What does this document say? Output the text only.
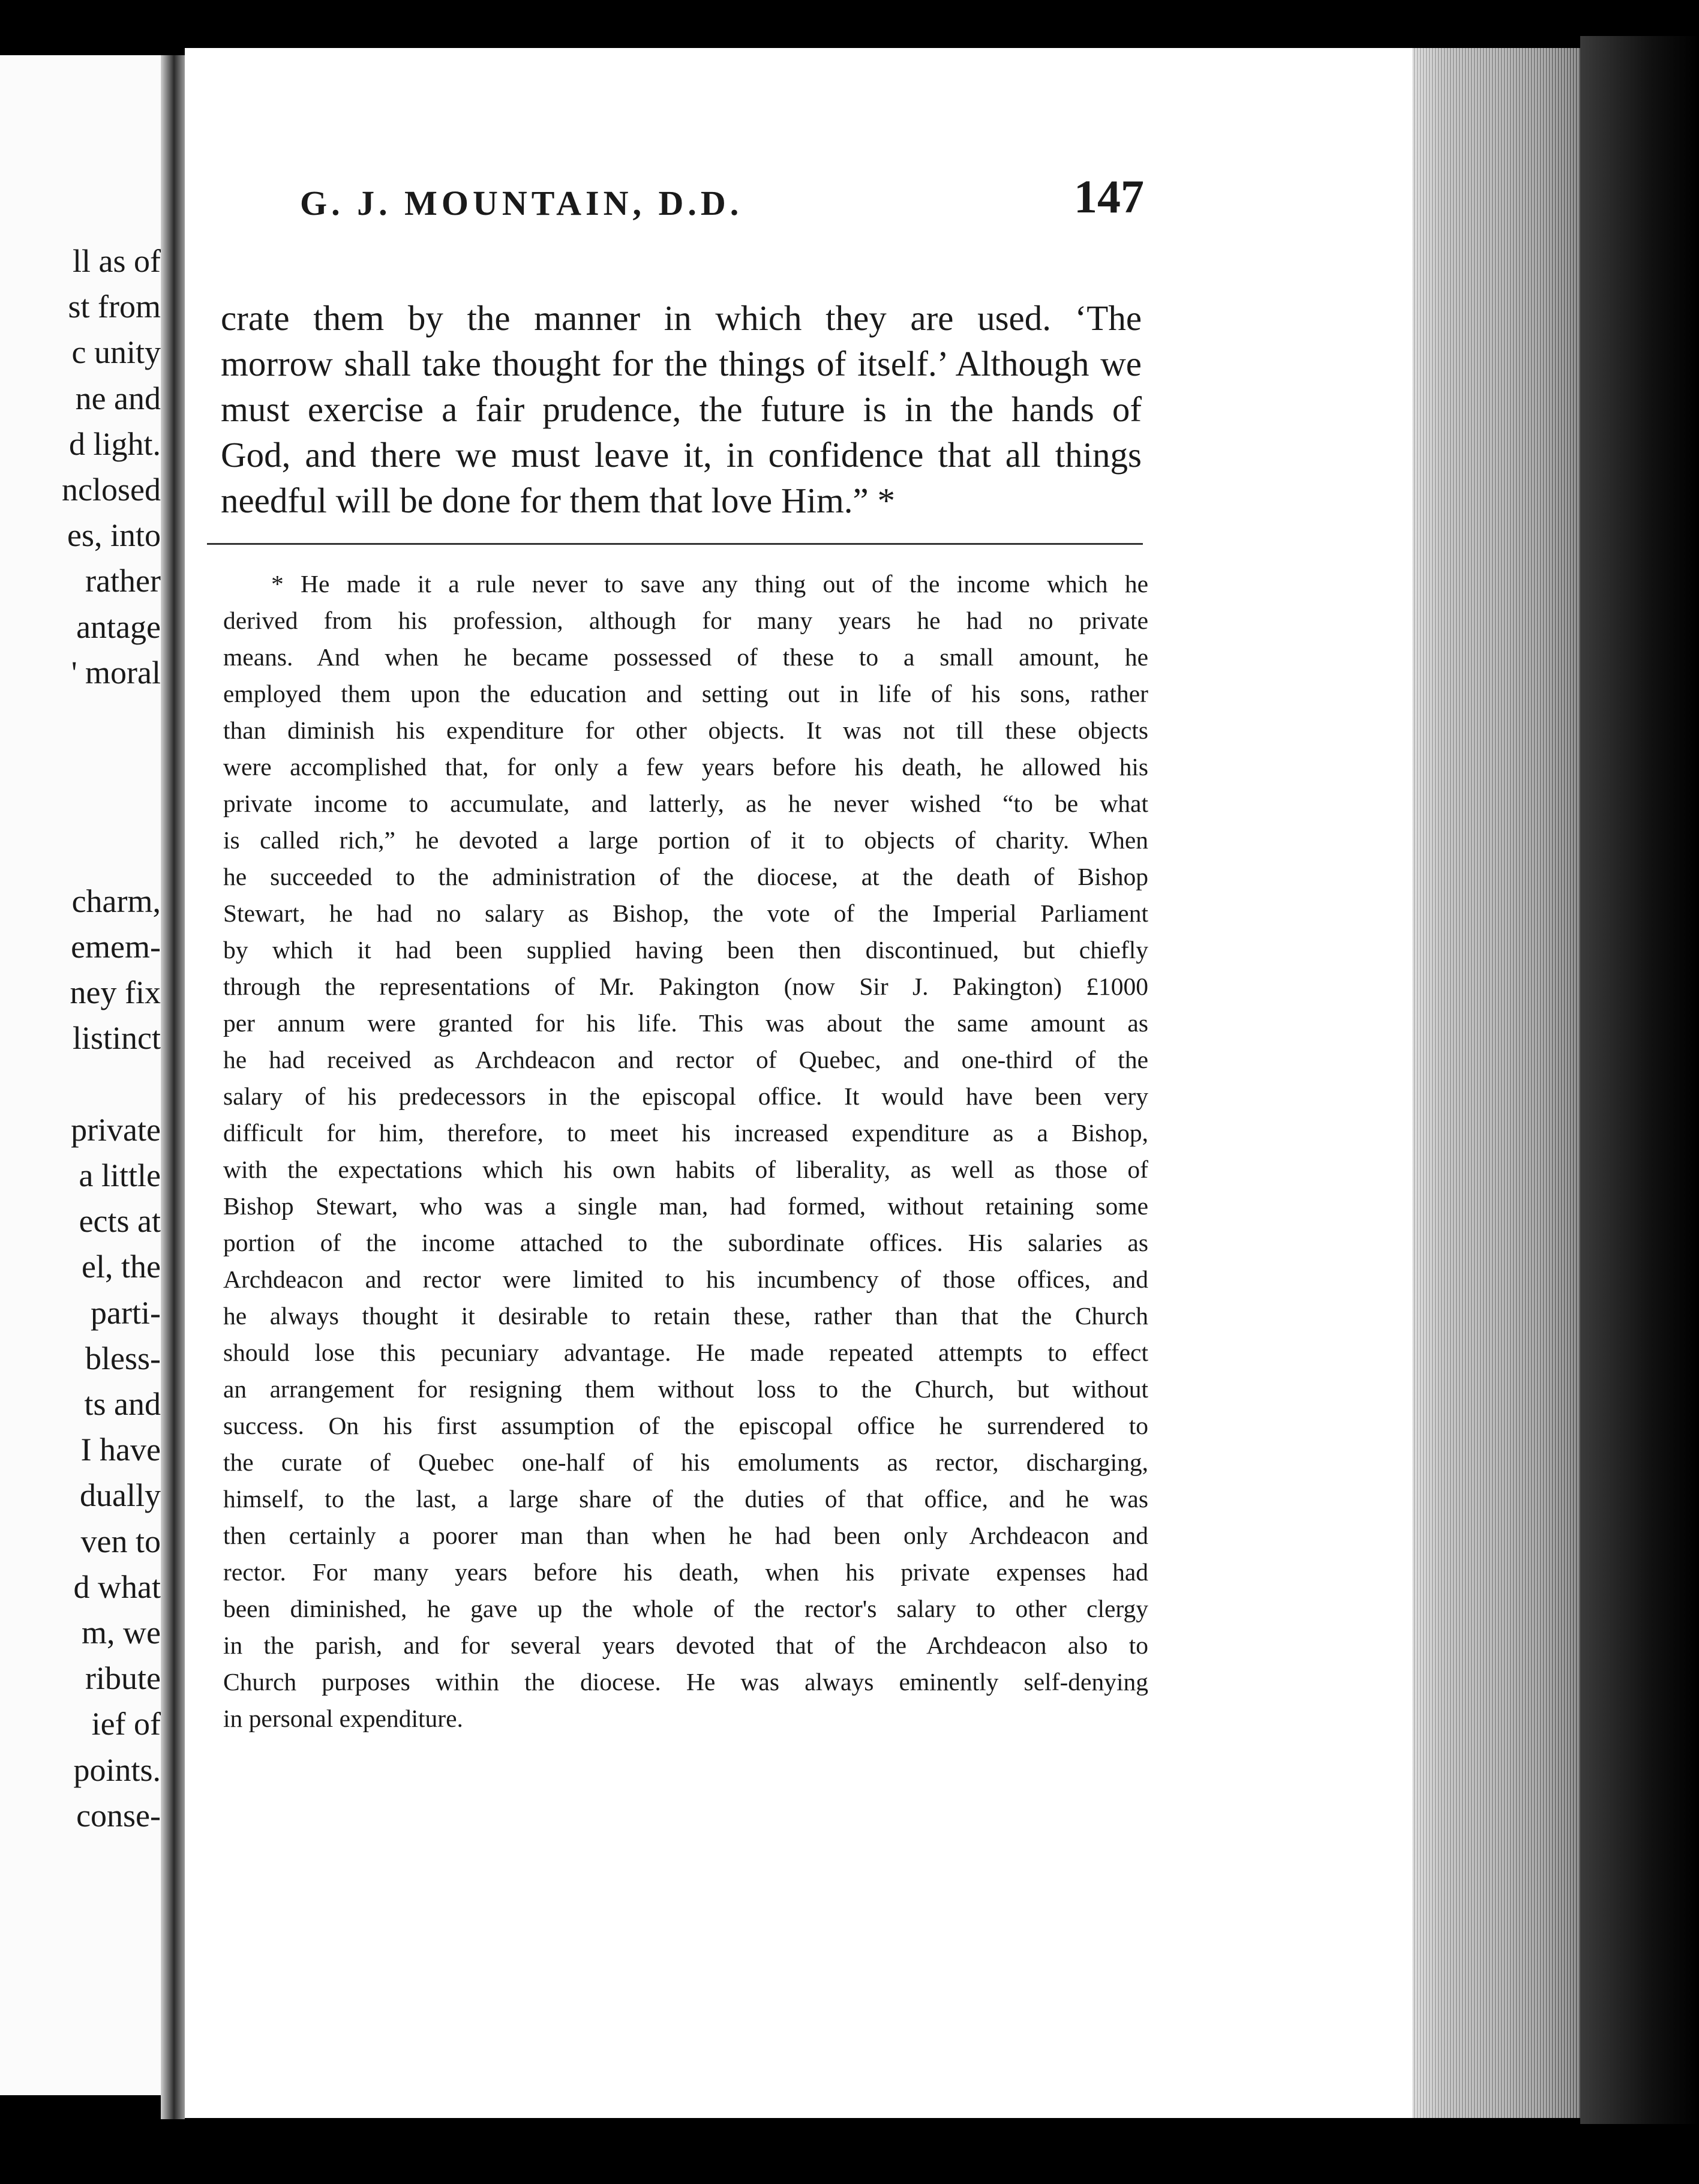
ll as of
st from
c unity
ne and
d light.
nclosed
es, into
rather
antage
' moral
charm,
emem-
ney fix
listinct
private
a little
ects at
el, the
parti-
bless-
ts and
I have
dually
ven to
d what
m, we
ribute
ief of
points.
conse-
G. J. MOUNTAIN, D.D.	147
crate them by the manner in which they are used. ‘The
morrow shall take thought for the things of itself.’ Although we
must exercise a fair prudence, the future is in the hands of
God, and there we must leave it, in confidence that all things
needful will be done for them that love Him.” *
* He made it a rule never to save any thing out of the income which he
derived from his profession, although for many years he had no private
means. And when he became possessed of these to a small amount, he
employed them upon the education and setting out in life of his sons, rather
than diminish his expenditure for other objects. It was not till these objects
were accomplished that, for only a few years before his death, he allowed his
private income to accumulate, and latterly, as he never wished “to be what
is called rich,” he devoted a large portion of it to objects of charity. When
he succeeded to the administration of the diocese, at the death of Bishop
Stewart, he had no salary as Bishop, the vote of the Imperial Parliament
by which it had been supplied having been then discontinued, but chiefly
through the representations of Mr. Pakington (now Sir J. Pakington) £1000
per annum were granted for his life. This was about the same amount as
he had received as Archdeacon and rector of Quebec, and one-third of the
salary of his predecessors in the episcopal office. It would have been very
difficult for him, therefore, to meet his increased expenditure as a Bishop,
with the expectations which his own habits of liberality, as well as those of
Bishop Stewart, who was a single man, had formed, without retaining some
portion of the income attached to the subordinate offices. His salaries as
Archdeacon and rector were limited to his incumbency of those offices, and
he always thought it desirable to retain these, rather than that the Church
should lose this pecuniary advantage. He made repeated attempts to effect
an arrangement for resigning them without loss to the Church, but without
success. On his first assumption of the episcopal office he surrendered to
the curate of Quebec one-half of his emoluments as rector, discharging,
himself, to the last, a large share of the duties of that office, and he was
then certainly a poorer man than when he had been only Archdeacon and
rector. For many years before his death, when his private expenses had
been diminished, he gave up the whole of the rector's salary to other clergy
in the parish, and for several years devoted that of the Archdeacon also to
Church purposes within the diocese. He was always eminently self-denying
in personal expenditure.
